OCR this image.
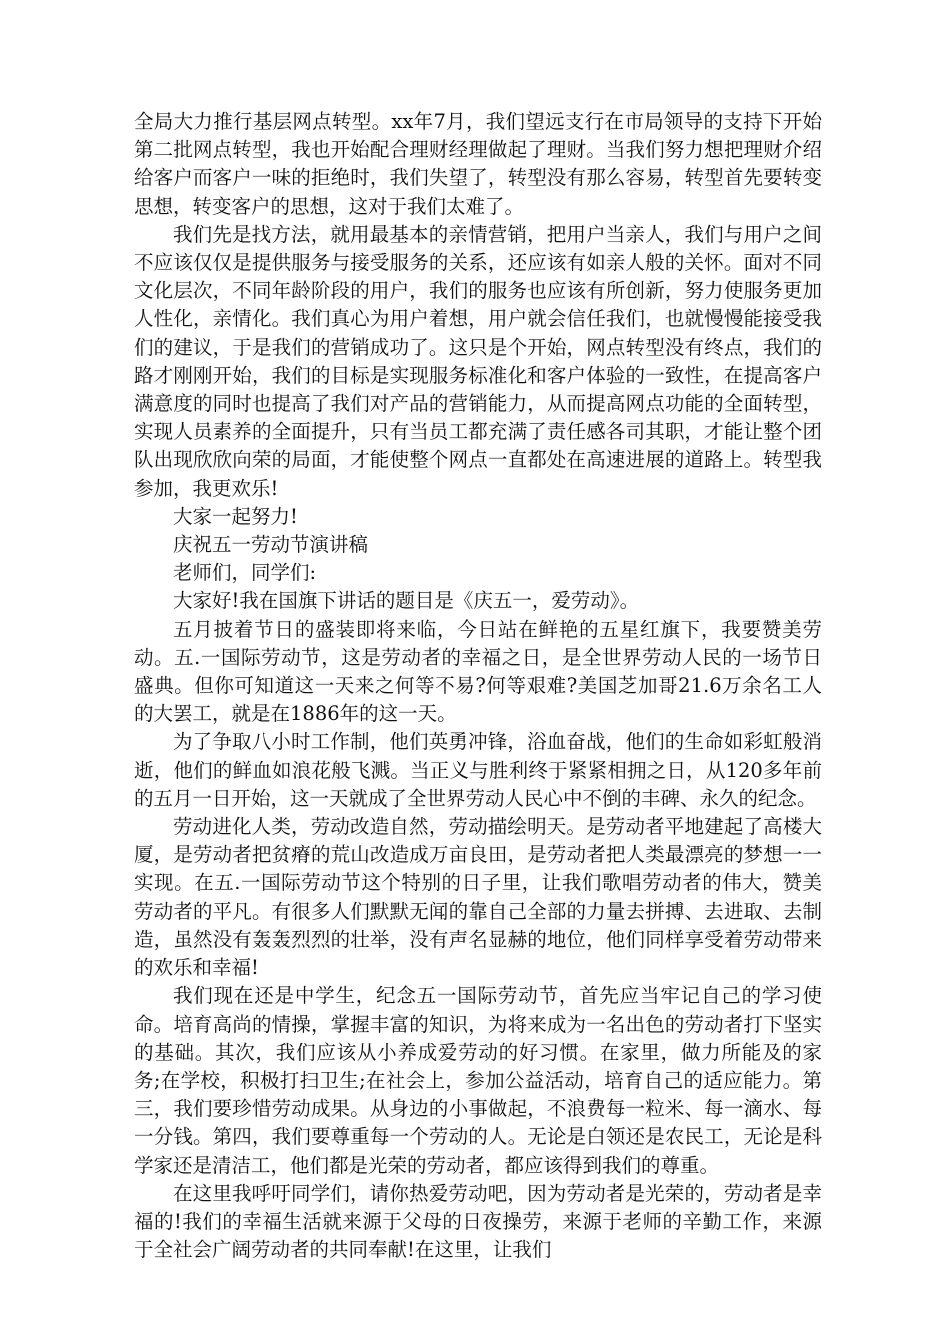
全局大力推行基层网点转型。xx年7月，我们望远支行在市局领导的支持下开始第二批网点转型，我也开始配合理财经理做起了理财。当我们努力想把理财介绍给客户而客户一味的拒绝时，我们失望了，转型没有那么容易，转型首先要转变思想，转变客户的思想，这对于我们太难了。

我们先是找方法，就用最基本的亲情营销，把用户当亲人，我们与用户之间不应该仅仅是提供服务与接受服务的关系，还应该有如亲人般的关怀。面对不同文化层次，不同年龄阶段的用户，我们的服务也应该有所创新，努力使服务更加人性化，亲情化。我们真心为用户着想，用户就会信任我们，也就慢慢能接受我们的建议，于是我们的营销成功了。这只是个开始，网点转型没有终点，我们的路才刚刚开始，我们的目标是实现服务标准化和客户体验的一致性，在提高客户满意度的同时也提高了我们对产品的营销能力，从而提高网点功能的全面转型，实现人员素养的全面提升，只有当员工都充满了责任感各司其职，才能让整个团队出现欣欣向荣的局面，才能使整个网点一直都处在高速进展的道路上。转型我参加，我更欢乐!

大家一起努力!

庆祝五一劳动节演讲稿

老师们，同学们:

大家好!我在国旗下讲话的题目是《庆五一，爱劳动》。

五月披着节日的盛装即将来临，今日站在鲜艳的五星红旗下，我要赞美劳动。五.一国际劳动节，这是劳动者的幸福之日，是全世界劳动人民的一场节日盛典。但你可知道这一天来之何等不易?何等艰难?美国芝加哥21.6万余名工人的大罢工，就是在1886年的这一天。

为了争取八小时工作制，他们英勇冲锋，浴血奋战，他们的生命如彩虹般消逝，他们的鲜血如浪花般飞溅。当正义与胜利终于紧紧相拥之日，从120多年前的五月一日开始，这一天就成了全世界劳动人民心中不倒的丰碑、永久的纪念。

劳动进化人类，劳动改造自然，劳动描绘明天。是劳动者平地建起了高楼大厦，是劳动者把贫瘠的荒山改造成万亩良田，是劳动者把人类最漂亮的梦想一一实现。在五.一国际劳动节这个特别的日子里，让我们歌唱劳动者的伟大，赞美劳动者的平凡。有很多人们默默无闻的靠自己全部的力量去拼搏、去进取、去制造，虽然没有轰轰烈烈的壮举，没有声名显赫的地位，他们同样享受着劳动带来的欢乐和幸福!

我们现在还是中学生，纪念五一国际劳动节，首先应当牢记自己的学习使命。培育高尚的情操，掌握丰富的知识，为将来成为一名出色的劳动者打下坚实的基础。其次，我们应该从小养成爱劳动的好习惯。在家里，做力所能及的家务;在学校，积极打扫卫生;在社会上，参加公益活动，培育自己的适应能力。第三，我们要珍惜劳动成果。从身边的小事做起，不浪费每一粒米、每一滴水、每一分钱。第四，我们要尊重每一个劳动的人。无论是白领还是农民工，无论是科学家还是清洁工，他们都是光荣的劳动者，都应该得到我们的尊重。

在这里我呼吁同学们，请你热爱劳动吧，因为劳动者是光荣的，劳动者是幸福的!我们的幸福生活就来源于父母的日夜操劳，来源于老师的辛勤工作，来源于全社会广阔劳动者的共同奉献!在这里，让我们
